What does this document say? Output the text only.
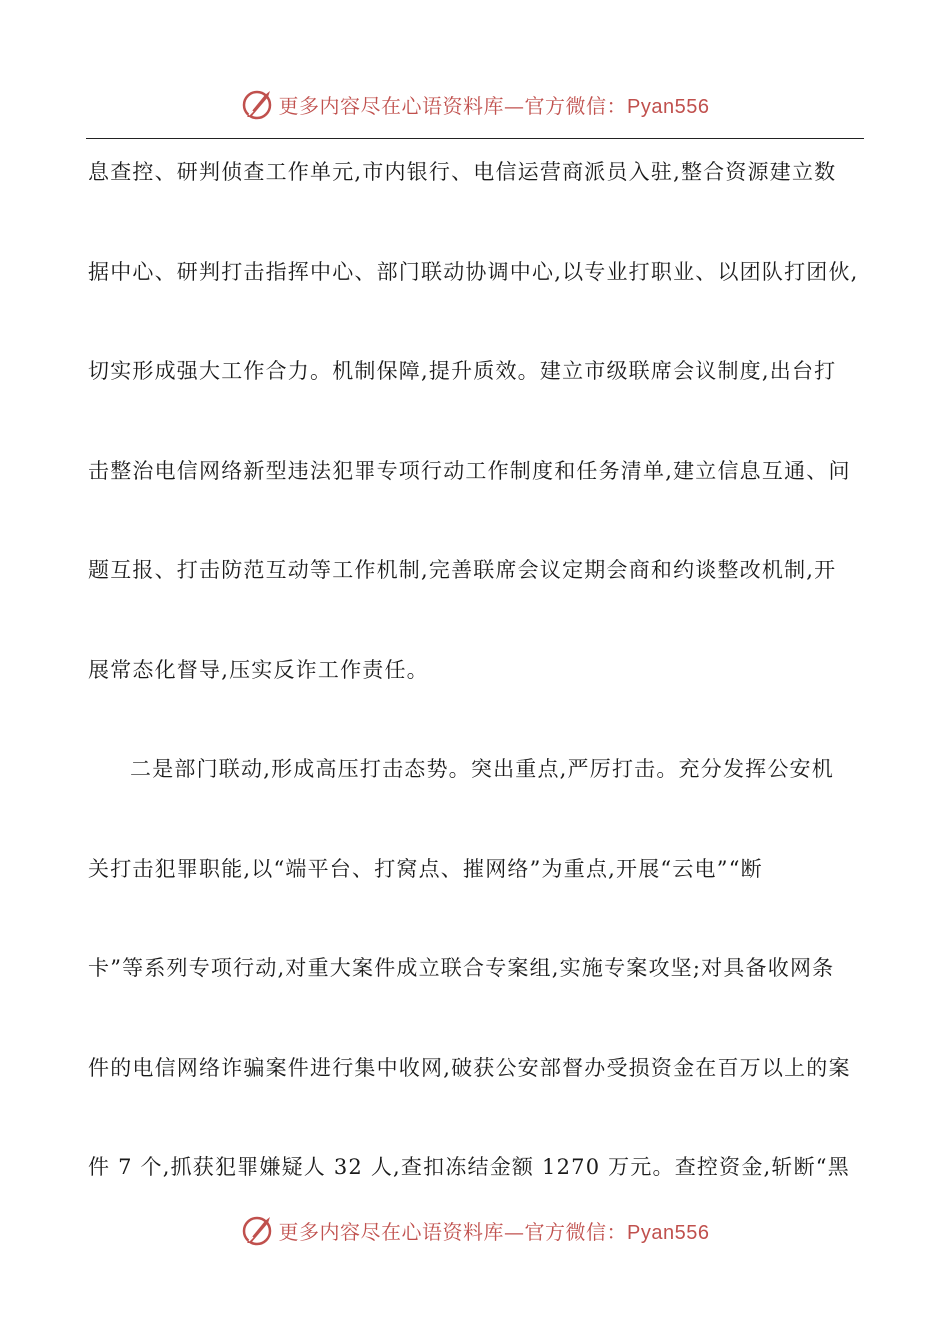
更多内容尽在心语资料库—官方微信：Pyan556
息查控、研判侦查工作单元,市内银行、电信运营商派员入驻,整合资源建立数
据中心、研判打击指挥中心、部门联动协调中心,以专业打职业、以团队打团伙,
切实形成强大工作合力。机制保障,提升质效。建立市级联席会议制度,出台打
击整治电信网络新型违法犯罪专项行动工作制度和任务清单,建立信息互通、问
题互报、打击防范互动等工作机制,完善联席会议定期会商和约谈整改机制,开
展常态化督导,压实反诈工作责任。
二是部门联动,形成高压打击态势。突出重点,严厉打击。充分发挥公安机
关打击犯罪职能,以“端平台、打窝点、摧网络”为重点,开展“云电”“断
卡”等系列专项行动,对重大案件成立联合专案组,实施专案攻坚;对具备收网条
件的电信网络诈骗案件进行集中收网,破获公安部督办受损资金在百万以上的案
件 7 个,抓获犯罪嫌疑人 32 人,查扣冻结金额 1270 万元。查控资金,斩断“黑
更多内容尽在心语资料库—官方微信：Pyan556
